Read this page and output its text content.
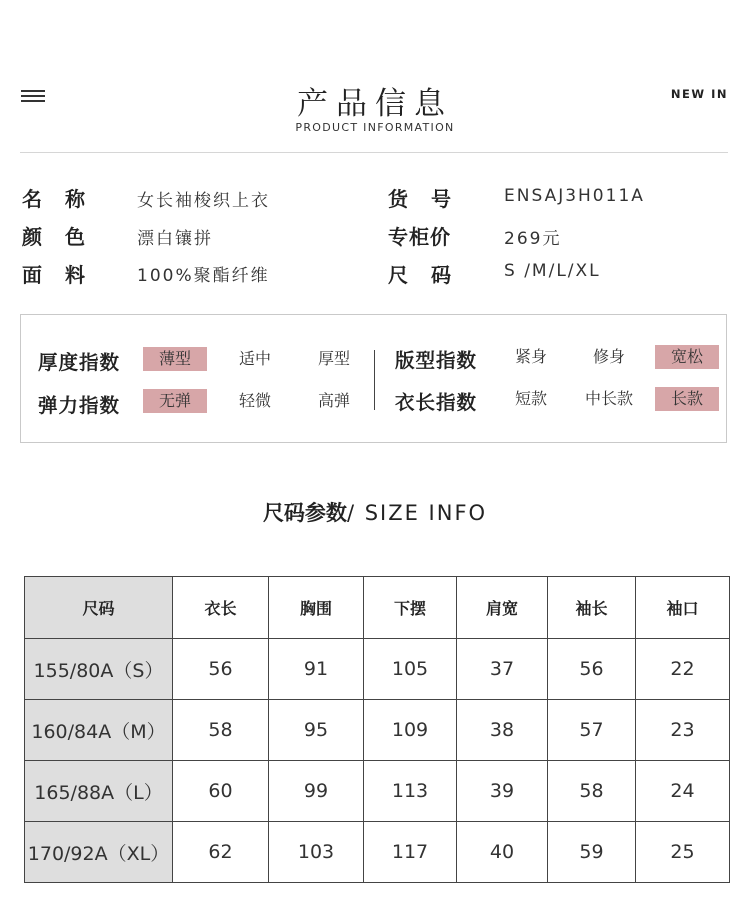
产品信息
PRODUCT INFORMATION
NEW IN
名 称	女长袖梭织上衣
颜 色	漂白镶拼
面 料	100%聚酯纤维
货 号	ENSAJ3H011A
专柜价	269元
尺 码	S /M/L/XL
厚度指数	薄型	适中	厚型
弹力指数	无弹	轻微	高弹
版型指数	紧身	修身	宽松
衣长指数	短款	中长款	长款
尺码参数/ SIZE INFO
尺码	衣长	胸围	下摆	肩宽	袖长	袖口
155/80A（S）	56	91	105	37	56	22
160/84A（M）	58	95	109	38	57	23
165/88A（L）	60	99	113	39	58	24
170/92A（XL）	62	103	117	40	59	25
